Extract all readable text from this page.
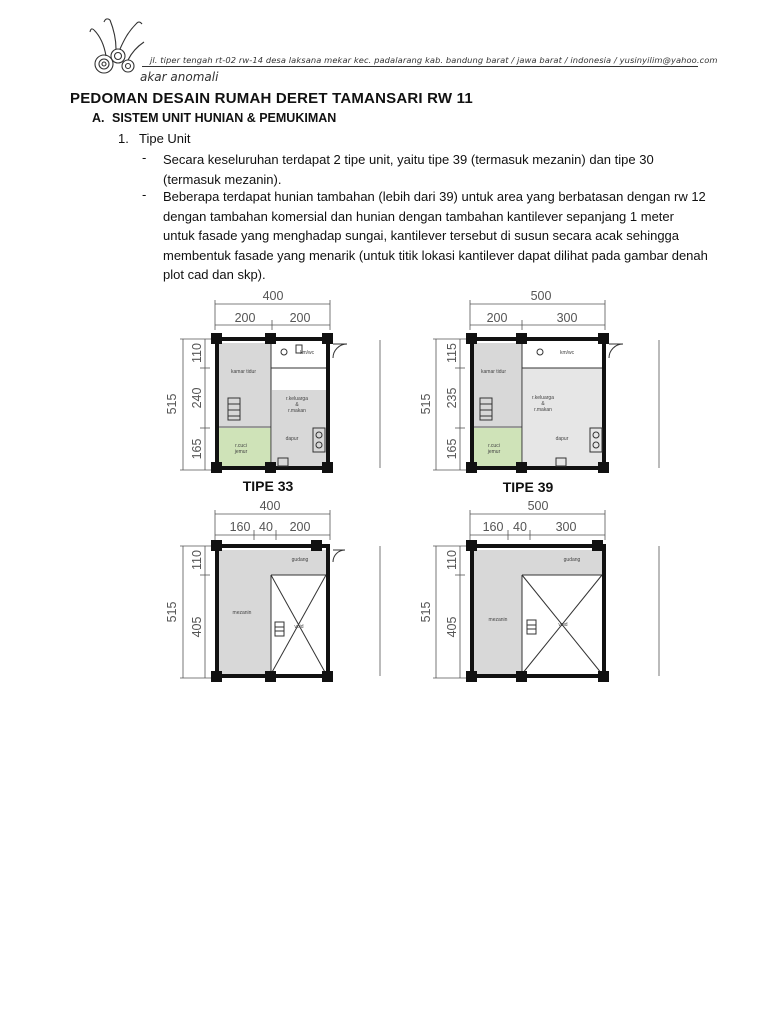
akar anomali
jl. tiper tengah rt-02 rw-14 desa laksana mekar kec. padalarang kab. bandung barat / jawa barat / indonesia / yusinyilim@yahoo.com
PEDOMAN DESAIN RUMAH DERET TAMANSARI RW 11
A. SISTEM UNIT HUNIAN & PEMUKIMAN
1. Tipe Unit
- Secara keseluruhan terdapat 2 tipe unit, yaitu tipe 39 (termasuk mezanin) dan tipe 30 (termasuk mezanin).
- Beberapa terdapat hunian tambahan (lebih dari 39) untuk area yang berbatasan dengan rw 12 dengan tambahan komersial dan hunian dengan tambahan kantilever sepanjang 1 meter untuk fasade yang menghadap sungai, kantilever tersebut di susun secara acak sehingga membentuk fasade yang menarik (untuk titik lokasi kantilever dapat dilihat pada gambar denah plot cad dan skp).
400
200	200
515
110
240
165
km/wc
kamar tidur
r.keluarga
&
r.makan
dapur
r.cuci
jemur
TIPE 33
500
200	300
515
115
235
165
km/wc
kamar tidur
r.keluarga
&
r.makan
dapur
r.cuci
jemur
TIPE 39
400
160 40 200
515
110
405
gudang
mezanin
void
500
160 40 300
515
110
405
gudang
mezanin
void
